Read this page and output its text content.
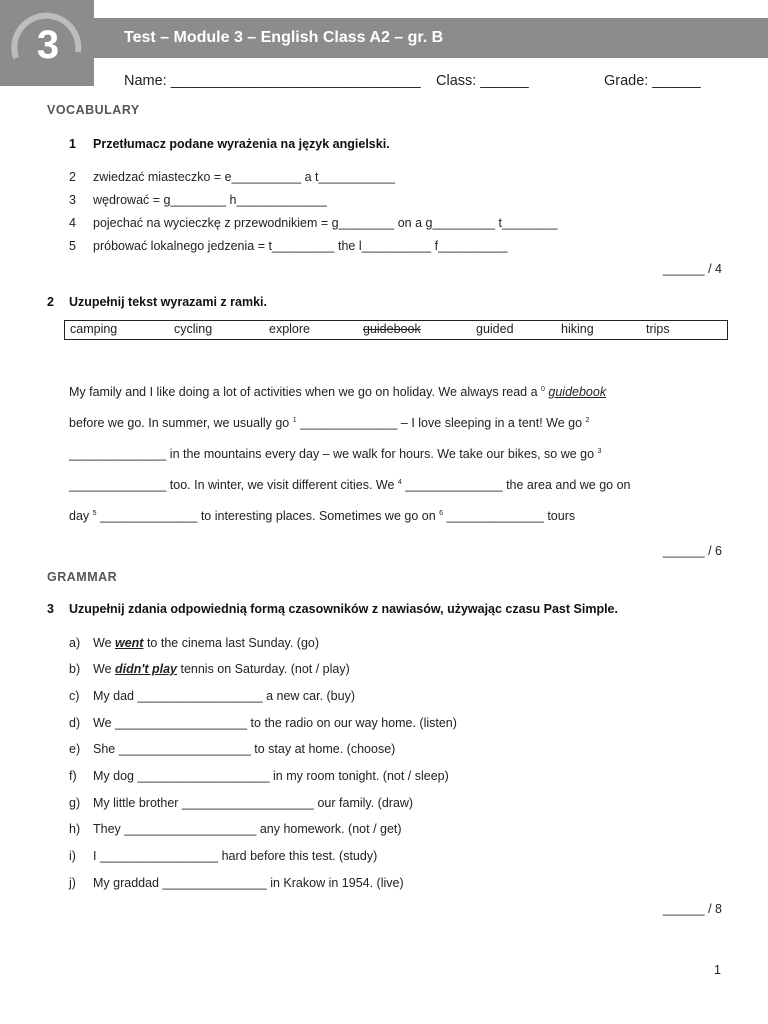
3	Test – Module 3 – English Class A2 – gr. B
Name: _______________________________ Class: ______	Grade: ______
VOCABULARY
1 Przetłumacz podane wyrażenia na język angielski.
2 zwiedzać miasteczko = e__________ a t___________
3 wędrować = g________ h_____________
4 pojechać na wycieczkę z przewodnikiem = g________ on a g_________ t________
5 próbować lokalnego jedzenia = t_________ the l__________ f__________
______ / 4
2 Uzupełnij tekst wyrazami z ramki.
camping	cycling	explore	guidebook	guided	hiking	trips
My family and I like doing a lot of activities when we go on holiday. We always read a $^0$ guidebook
before we go. In summer, we usually go $^1$ ______________ – I love sleeping in a tent! We go $^2$
______________ in the mountains every day – we walk for hours. We take our bikes, so we go $^3$
______________ too. In winter, we visit different cities. We $^4$ ______________ the area and we go on
day $^5$ ______________ to interesting places. Sometimes we go on $^6$ ______________ tours
______ / 6
GRAMMAR
3 Uzupełnij zdania odpowiednią formą czasowników z nawiasów, używając czasu Past Simple.
a) We went to the cinema last Sunday. (go)
b) We didn't play tennis on Saturday. (not / play)
c) My dad __________________ a new car. (buy)
d) We ___________________ to the radio on our way home. (listen)
e) She ___________________ to stay at home. (choose)
f) My dog ___________________ in my room tonight. (not / sleep)
g) My little brother ___________________ our family. (draw)
h) They ___________________ any homework. (not / get)
i) I _________________ hard before this test. (study)
j) My graddad _______________ in Krakow in 1954. (live)
______ / 8
1
